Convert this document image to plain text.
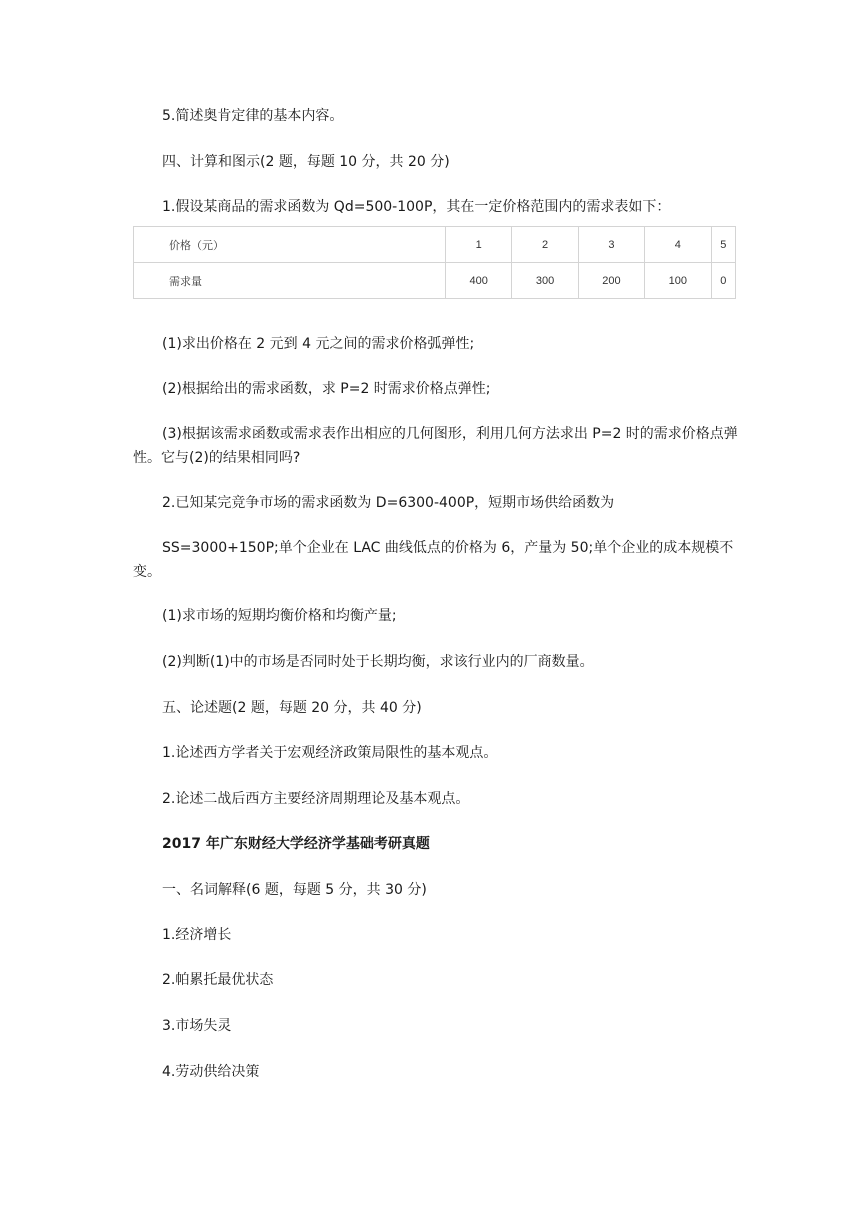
5.简述奥肯定律的基本内容。
四、计算和图示(2 题，每题 10 分，共 20 分)
1.假设某商品的需求函数为 Qd=500-100P，其在一定价格范围内的需求表如下：
价格（元）	1	2	3	4	5
需求量	400	300	200	100	0
(1)求出价格在 2 元到 4 元之间的需求价格弧弹性;
(2)根据给出的需求函数，求 P=2 时需求价格点弹性;
(3)根据该需求函数或需求表作出相应的几何图形，利用几何方法求出 P=2 时的需求价格点弹性。它与(2)的结果相同吗?
2.已知某完竞争市场的需求函数为 D=6300-400P，短期市场供给函数为
SS=3000+150P;单个企业在 LAC 曲线低点的价格为 6，产量为 50;单个企业的成本规模不变。
(1)求市场的短期均衡价格和均衡产量;
(2)判断(1)中的市场是否同时处于长期均衡，求该行业内的厂商数量。
五、论述题(2 题，每题 20 分，共 40 分)
1.论述西方学者关于宏观经济政策局限性的基本观点。
2.论述二战后西方主要经济周期理论及基本观点。
2017 年广东财经大学经济学基础考研真题
一、名词解释(6 题，每题 5 分，共 30 分)
1.经济增长
2.帕累托最优状态
3.市场失灵
4.劳动供给决策
